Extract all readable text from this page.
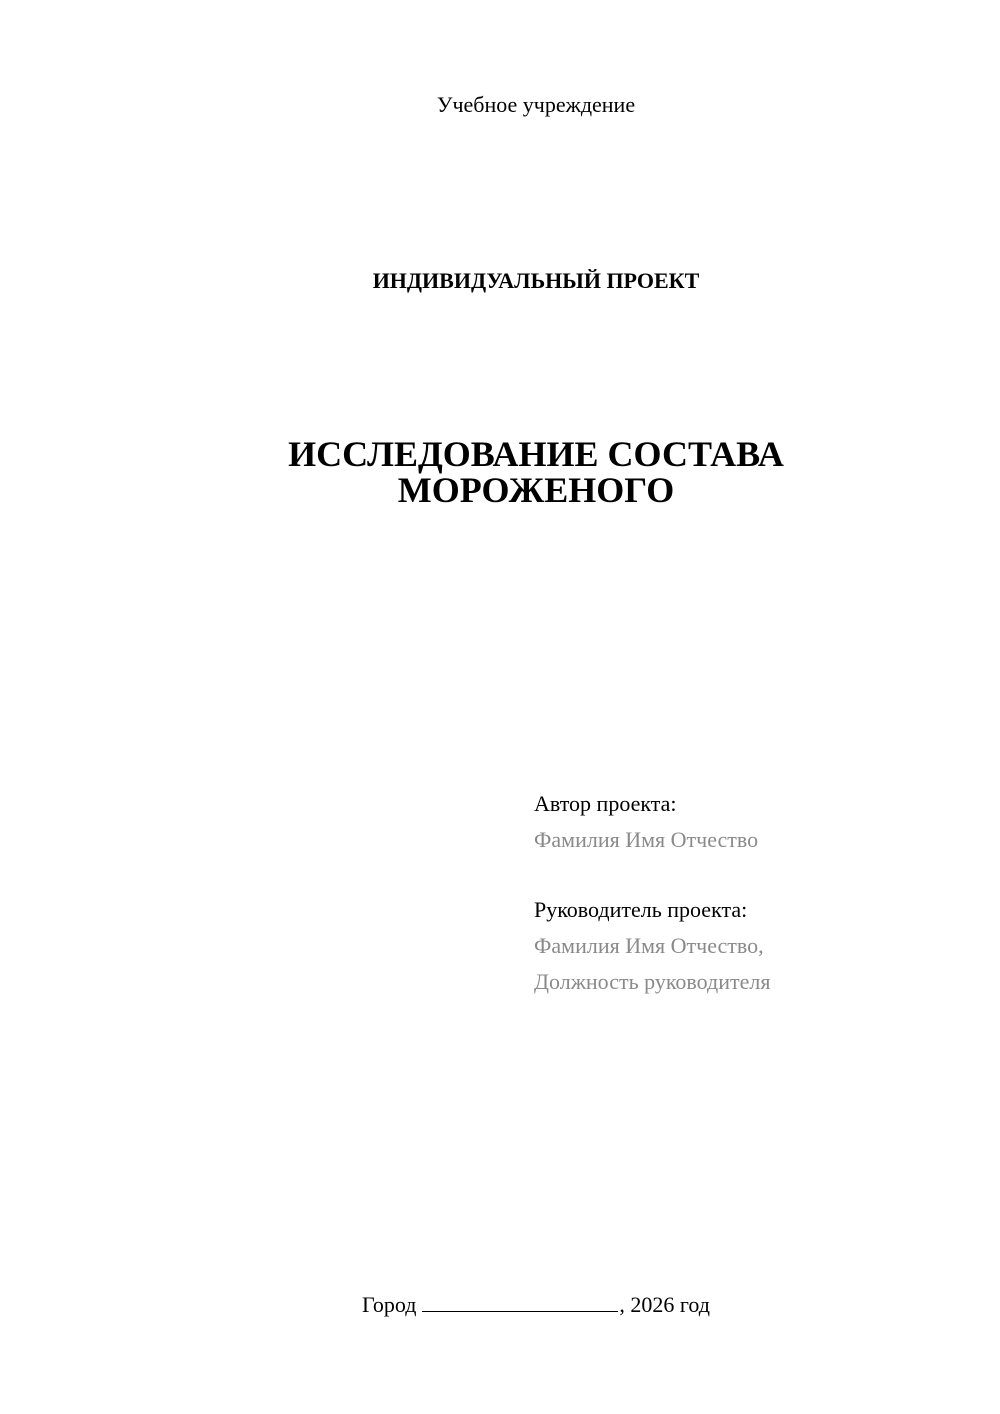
Учебное учреждение
ИНДИВИДУАЛЬНЫЙ ПРОЕКТ
ИССЛЕДОВАНИЕ СОСТАВА
МОРОЖЕНОГО
Автор проекта:
Фамилия Имя Отчество
Руководитель проекта:
Фамилия Имя Отчество,
Должность руководителя
Город	, 2026 год
